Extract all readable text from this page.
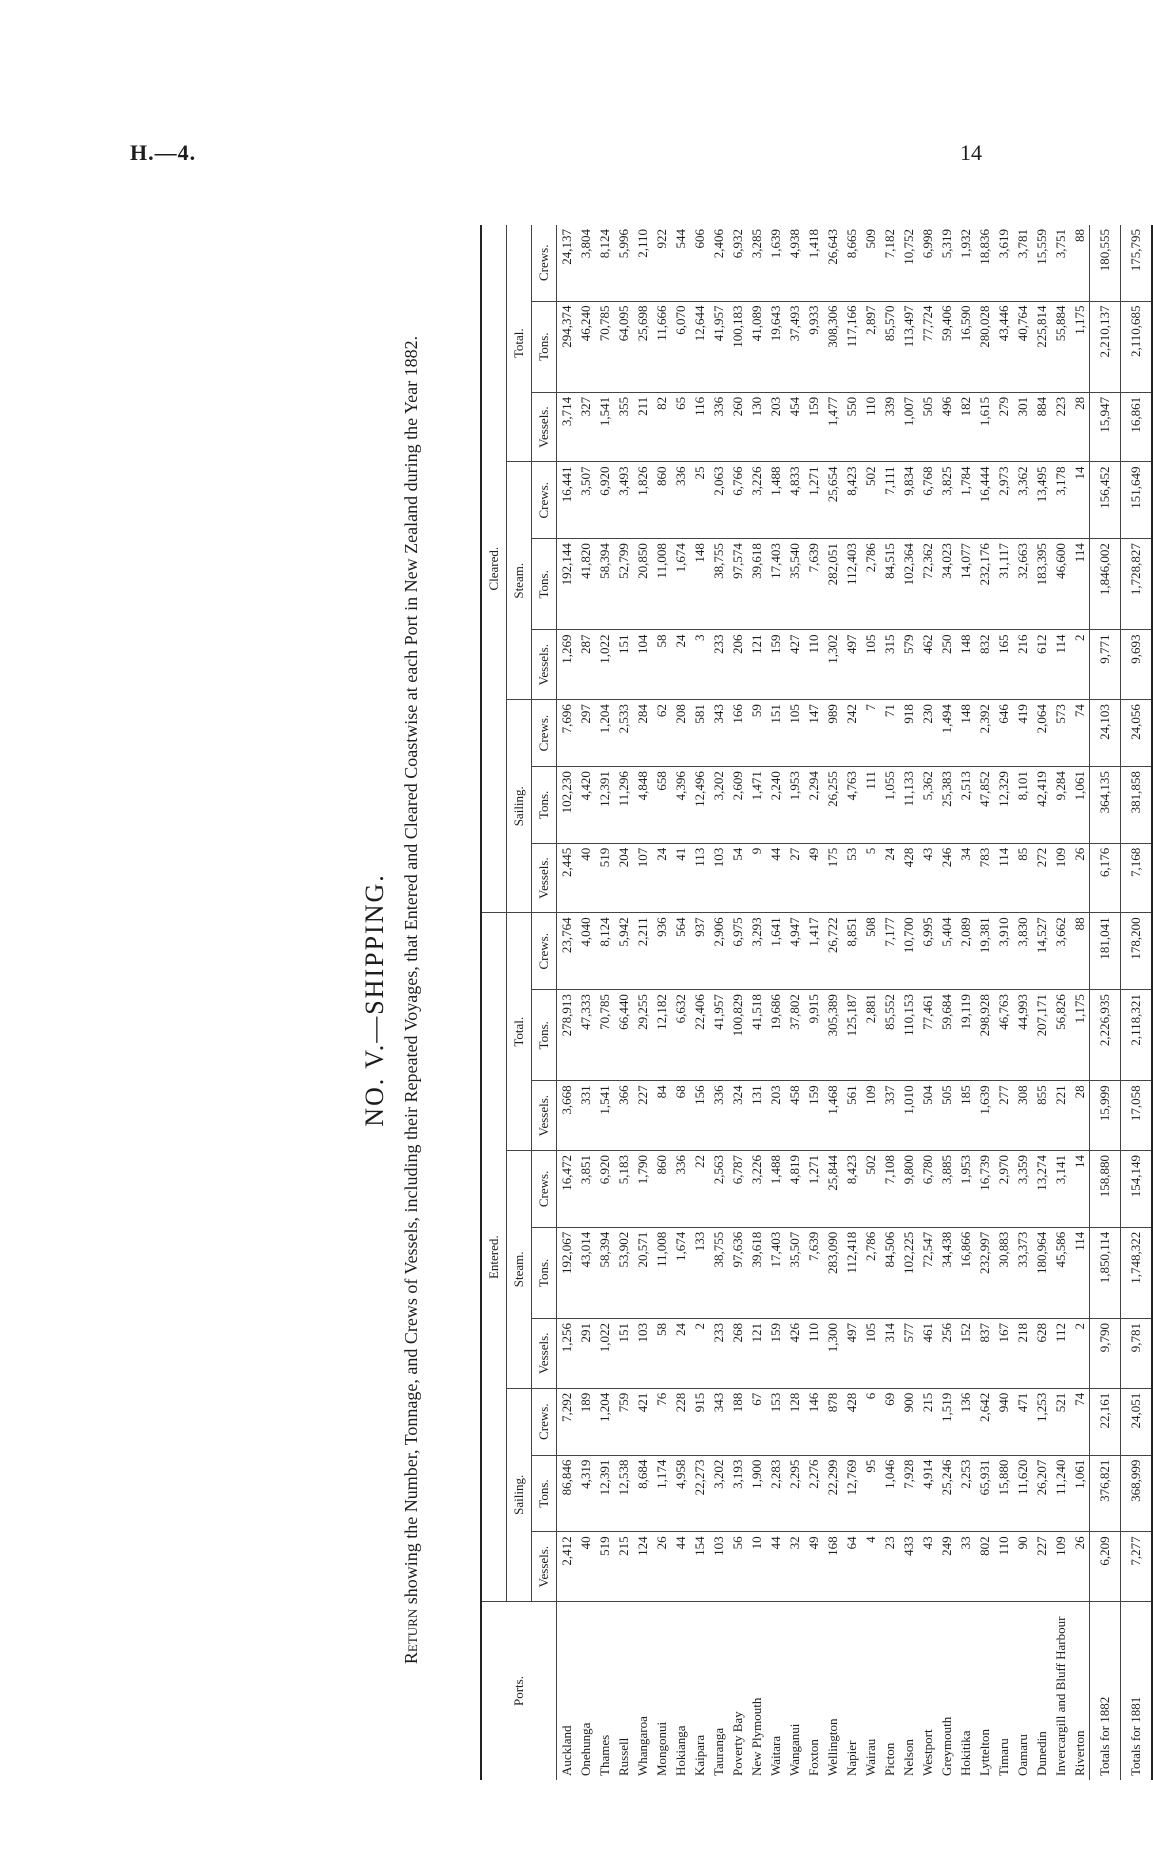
H.—4.	14
NO. V.—SHIPPING.
Return showing the Number, Tonnage, and Crews of Vessels, including their Repeated Voyages, that Entered and Cleared Coastwise at each Port in New Zealand during the Year 1882.
Ports.	Entered.									Cleared.								
	Sailing.			Steam.			Total.			Sailing.			Steam.			Total.		
	Vessels.	Tons.	Crews.	Vessels.	Tons.	Crews.	Vessels.	Tons.	Crews.	Vessels.	Tons.	Crews.	Vessels.	Tons.	Crews.	Vessels.	Tons.	Crews.
Auckland	2,412	86,846	7,292	1,256	192,067	16,472	3,668	278,913	23,764	2,445	102,230	7,696	1,269	192,144	16,441	3,714	294,374	24,137
Onehunga	40	4,319	189	291	43,014	3,851	331	47,333	4,040	40	4,420	297	287	41,820	3,507	327	46,240	3,804
Thames	519	12,391	1,204	1,022	58,394	6,920	1,541	70,785	8,124	519	12,391	1,204	1,022	58,394	6,920	1,541	70,785	8,124
Russell	215	12,538	759	151	53,902	5,183	366	66,440	5,942	204	11,296	2,533	151	52,799	3,493	355	64,095	5,996
Whangaroa	124	8,684	421	103	20,571	1,790	227	29,255	2,211	107	4,848	284	104	20,850	1,826	211	25,698	2,110
Mongonui	26	1,174	76	58	11,008	860	84	12,182	936	24	658	62	58	11,008	860	82	11,666	922
Hokianga	44	4,958	228	24	1,674	336	68	6,632	564	41	4,396	208	24	1,674	336	65	6,070	544
Kaipara	154	22,273	915	2	133	22	156	22,406	937	113	12,496	581	3	148	25	116	12,644	606
Tauranga	103	3,202	343	233	38,755	2,563	336	41,957	2,906	103	3,202	343	233	38,755	2,063	336	41,957	2,406
Poverty Bay	56	3,193	188	268	97,636	6,787	324	100,829	6,975	54	2,609	166	206	97,574	6,766	260	100,183	6,932
New Plymouth	10	1,900	67	121	39,618	3,226	131	41,518	3,293	9	1,471	59	121	39,618	3,226	130	41,089	3,285
Waitara	44	2,283	153	159	17,403	1,488	203	19,686	1,641	44	2,240	151	159	17,403	1,488	203	19,643	1,639
Wanganui	32	2,295	128	426	35,507	4,819	458	37,802	4,947	27	1,953	105	427	35,540	4,833	454	37,493	4,938
Foxton	49	2,276	146	110	7,639	1,271	159	9,915	1,417	49	2,294	147	110	7,639	1,271	159	9,933	1,418
Wellington	168	22,299	878	1,300	283,090	25,844	1,468	305,389	26,722	175	26,255	989	1,302	282,051	25,654	1,477	308,306	26,643
Napier	64	12,769	428	497	112,418	8,423	561	125,187	8,851	53	4,763	242	497	112,403	8,423	550	117,166	8,665
Wairau	4	95	6	105	2,786	502	109	2,881	508	5	111	7	105	2,786	502	110	2,897	509
Picton	23	1,046	69	314	84,506	7,108	337	85,552	7,177	24	1,055	71	315	84,515	7,111	339	85,570	7,182
Nelson	433	7,928	900	577	102,225	9,800	1,010	110,153	10,700	428	11,133	918	579	102,364	9,834	1,007	113,497	10,752
Westport	43	4,914	215	461	72,547	6,780	504	77,461	6,995	43	5,362	230	462	72,362	6,768	505	77,724	6,998
Greymouth	249	25,246	1,519	256	34,438	3,885	505	59,684	5,404	246	25,383	1,494	250	34,023	3,825	496	59,406	5,319
Hokitika	33	2,253	136	152	16,866	1,953	185	19,119	2,089	34	2,513	148	148	14,077	1,784	182	16,590	1,932
Lyttelton	802	65,931	2,642	837	232,997	16,739	1,639	298,928	19,381	783	47,852	2,392	832	232,176	16,444	1,615	280,028	18,836
Timaru	110	15,880	940	167	30,883	2,970	277	46,763	3,910	114	12,329	646	165	31,117	2,973	279	43,446	3,619
Oamaru	90	11,620	471	218	33,373	3,359	308	44,993	3,830	85	8,101	419	216	32,663	3,362	301	40,764	3,781
Dunedin	227	26,207	1,253	628	180,964	13,274	855	207,171	14,527	272	42,419	2,064	612	183,395	13,495	884	225,814	15,559
Invercargill and Bluff Harbour	109	11,240	521	112	45,586	3,141	221	56,826	3,662	109	9,284	573	114	46,600	3,178	223	55,884	3,751
Riverton	26	1,061	74	2	114	14	28	1,175	88	26	1,061	74	2	114	14	28	1,175	88
Totals for 1882	6,209	376,821	22,161	9,790	1,850,114	158,880	15,999	2,226,935	181,041	6,176	364,135	24,103	9,771	1,846,002	156,452	15,947	2,210,137	180,555
Totals for 1881	7,277	368,999	24,051	9,781	1,748,322	154,149	17,058	2,118,321	178,200	7,168	381,858	24,056	9,693	1,728,827	151,649	16,861	2,110,685	175,795
